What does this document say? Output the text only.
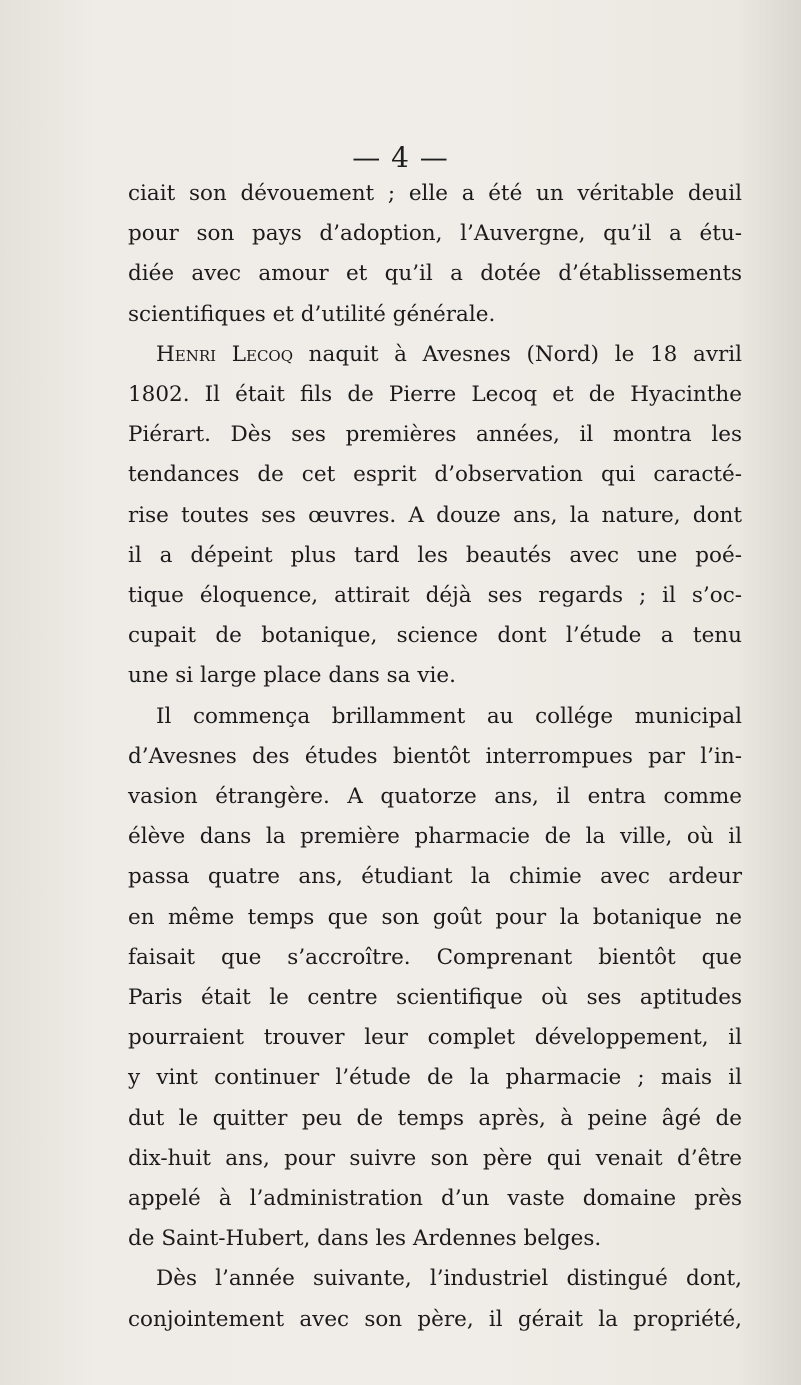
— 4 —
ciait son dévouement ; elle a été un véritable deuil
pour son pays d’adoption, l’Auvergne, qu’il a étu-
diée avec amour et qu’il a dotée d’établissements
scientifiques et d’utilité générale.
Henri Lecoq naquit à Avesnes (Nord) le 18 avril
1802. Il était fils de Pierre Lecoq et de Hyacinthe
Piérart. Dès ses premières années, il montra les
tendances de cet esprit d’observation qui caracté-
rise toutes ses œuvres. A douze ans, la nature, dont
il a dépeint plus tard les beautés avec une poé-
tique éloquence, attirait déjà ses regards ; il s’oc-
cupait de botanique, science dont l’étude a tenu
une si large place dans sa vie.
Il commença brillamment au collége municipal
d’Avesnes des études bientôt interrompues par l’in-
vasion étrangère. A quatorze ans, il entra comme
élève dans la première pharmacie de la ville, où il
passa quatre ans, étudiant la chimie avec ardeur
en même temps que son goût pour la botanique ne
faisait que s’accroître. Comprenant bientôt que
Paris était le centre scientifique où ses aptitudes
pourraient trouver leur complet développement, il
y vint continuer l’étude de la pharmacie ; mais il
dut le quitter peu de temps après, à peine âgé de
dix-huit ans, pour suivre son père qui venait d’être
appelé à l’administration d’un vaste domaine près
de Saint-Hubert, dans les Ardennes belges.
Dès l’année suivante, l’industriel distingué dont,
conjointement avec son père, il gérait la propriété,
